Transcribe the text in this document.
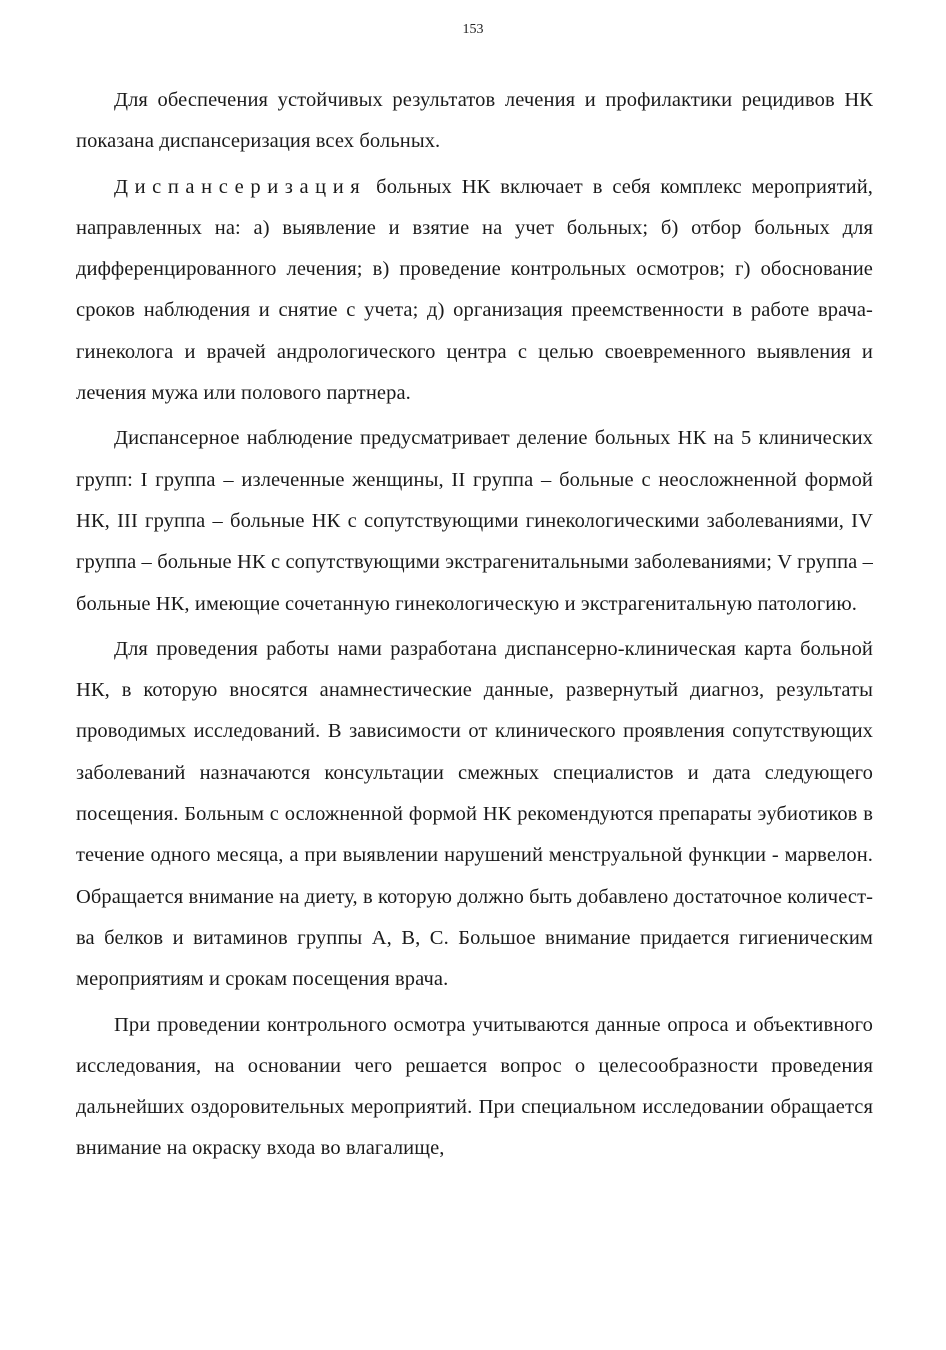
153

Для обеспечения устойчивых результатов лечения и профилактики рецидивов НК показана диспансеризация всех больных.

Диспансеризация больных НК включает в себя комплекс мероприятий, направленных на: а) выявление и взятие на учет больных; б) отбор больных для дифференцированного лечения; в) проведение контрольных осмотров; г) обоснование сроков наблюдения и снятие с учета; д) организация преемственности в работе врача-гинеколога и врачей андрологического центра с целью своевременного выявления и лечения мужа или полового партнера.

Диспансерное наблюдение предусматривает деление больных НК на 5 клинических групп: I группа – излеченные женщины, II группа – больные с неосложненной формой НК, III группа – больные НК с сопутствующими гинекологическими заболеваниями, IV группа – больные НК с сопутствующими экстрагенитальными заболеваниями; V группа – больные НК, имеющие сочетанную гинекологическую и экстрагенитальную патологию.

Для проведения работы нами разработана диспансерно-клиническая карта больной НК, в которую вносятся анамнестические данные, развернутый диагноз, результаты проводимых исследований. В зависимости от клинического проявления сопутствующих заболеваний назначаются консультации смежных специалистов и дата следующего посещения. Больным с осложненной формой НК рекомендуются препараты эубиотиков в течение одного месяца, а при выявлении нарушений менструальной функции - марвелон. Обращается внимание на диету, в которую должно быть добавлено достаточное количества белков и витаминов группы А, В, С. Большое внимание придается гигиеническим мероприятиям и срокам посещения врача.

При проведении контрольного осмотра учитываются данные опроса и объективного исследования, на основании чего решается вопрос о целесообразности проведения дальнейших оздоровительных мероприятий. При специальном исследовании обращается внимание на окраску входа во влагалище,
